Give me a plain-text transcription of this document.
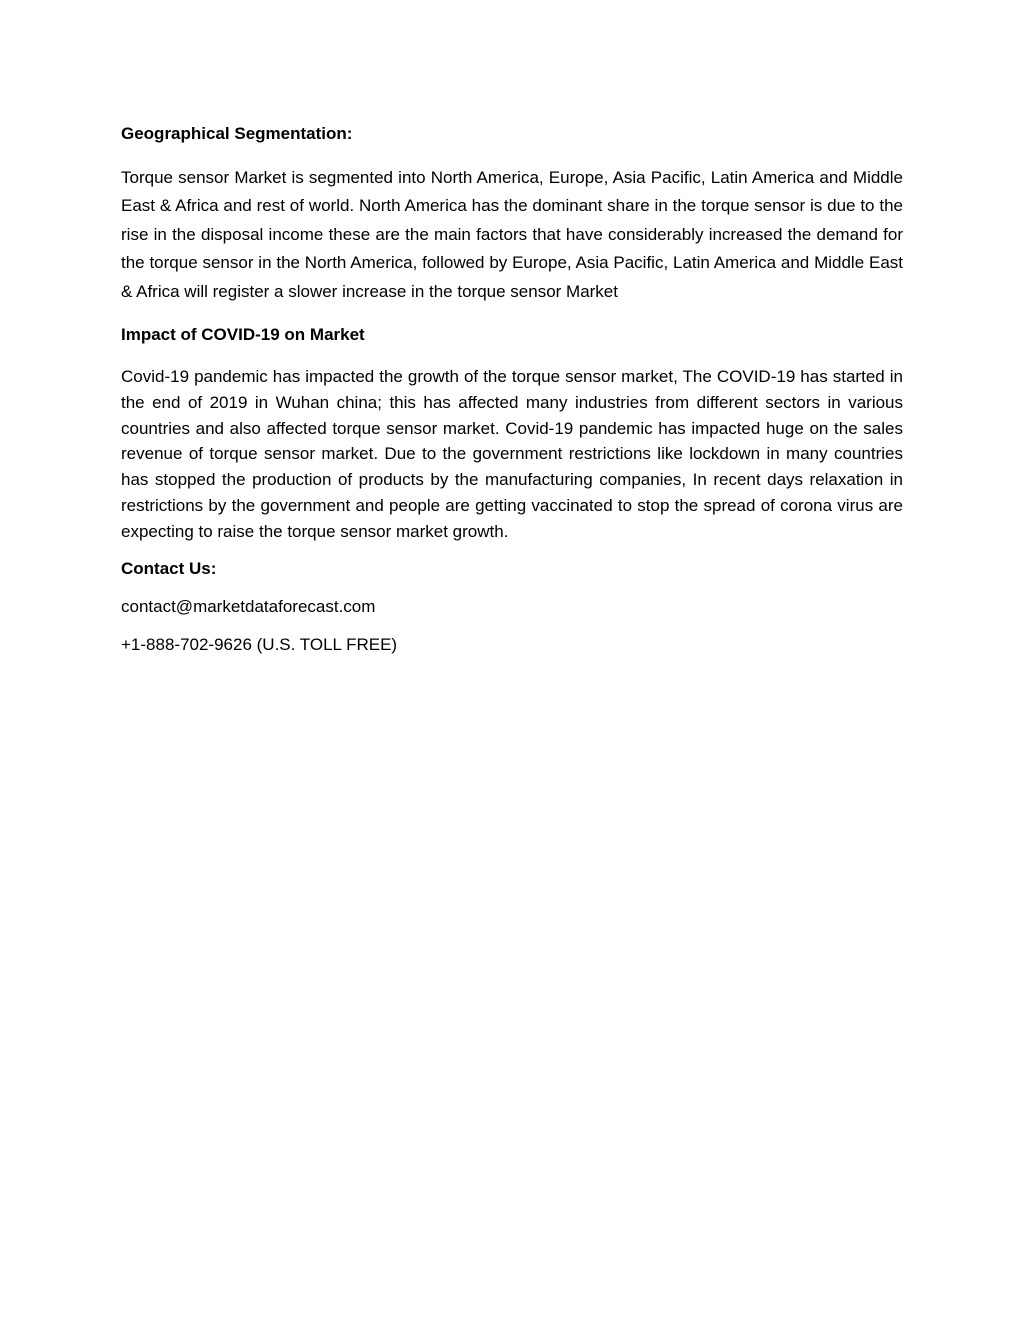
Geographical Segmentation:

Torque sensor Market is segmented into North America, Europe, Asia Pacific, Latin America and Middle East & Africa and rest of world. North America has the dominant share in the torque sensor is due to the rise in the disposal income these are the main factors that have considerably increased the demand for the torque sensor in the North America, followed by Europe, Asia Pacific, Latin America and Middle East & Africa will register a slower increase in the torque sensor Market

Impact of COVID-19 on Market

Covid-19 pandemic has impacted the growth of the torque sensor market, The COVID-19 has started in the end of 2019 in Wuhan china; this has affected many industries from different sectors in various countries and also affected torque sensor market. Covid-19 pandemic has impacted huge on the sales revenue of torque sensor market. Due to the government restrictions like lockdown in many countries has stopped the production of products by the manufacturing companies, In recent days relaxation in restrictions by the government and people are getting vaccinated to stop the spread of corona virus are expecting to raise the torque sensor market growth.

Contact Us:

contact@marketdataforecast.com

+1-888-702-9626 (U.S. TOLL FREE)
